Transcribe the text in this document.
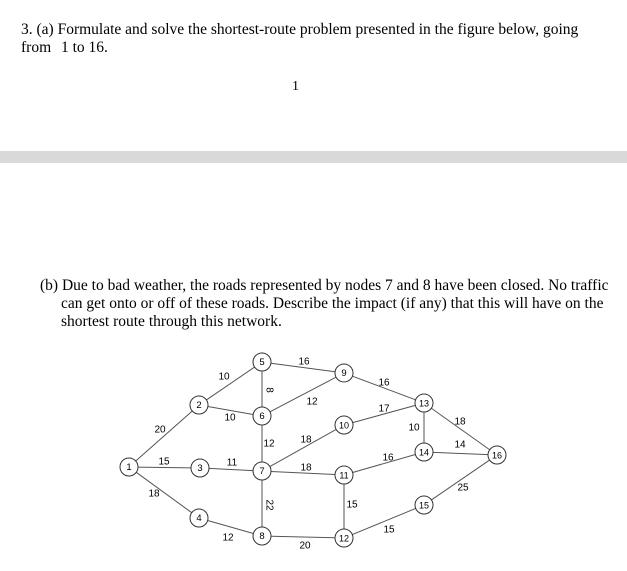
3. (a) Formulate and solve the shortest-route problem presented in the figure below, going from 1 to 16.
1
(b) Due to bad weather, the roads represented by nodes 7 and 8 have been closed. No traffic
can get onto or off of these roads. Describe the impact (if any) that this will have on the
shortest route through this network.
20
15
18
10
10
11
12
8
16
12
12
18
18
22
20
16
17
16
15
15
10
18
14
25
1
2
3
4
5
6
7
8
9
10
11
12
13
14
15
16
